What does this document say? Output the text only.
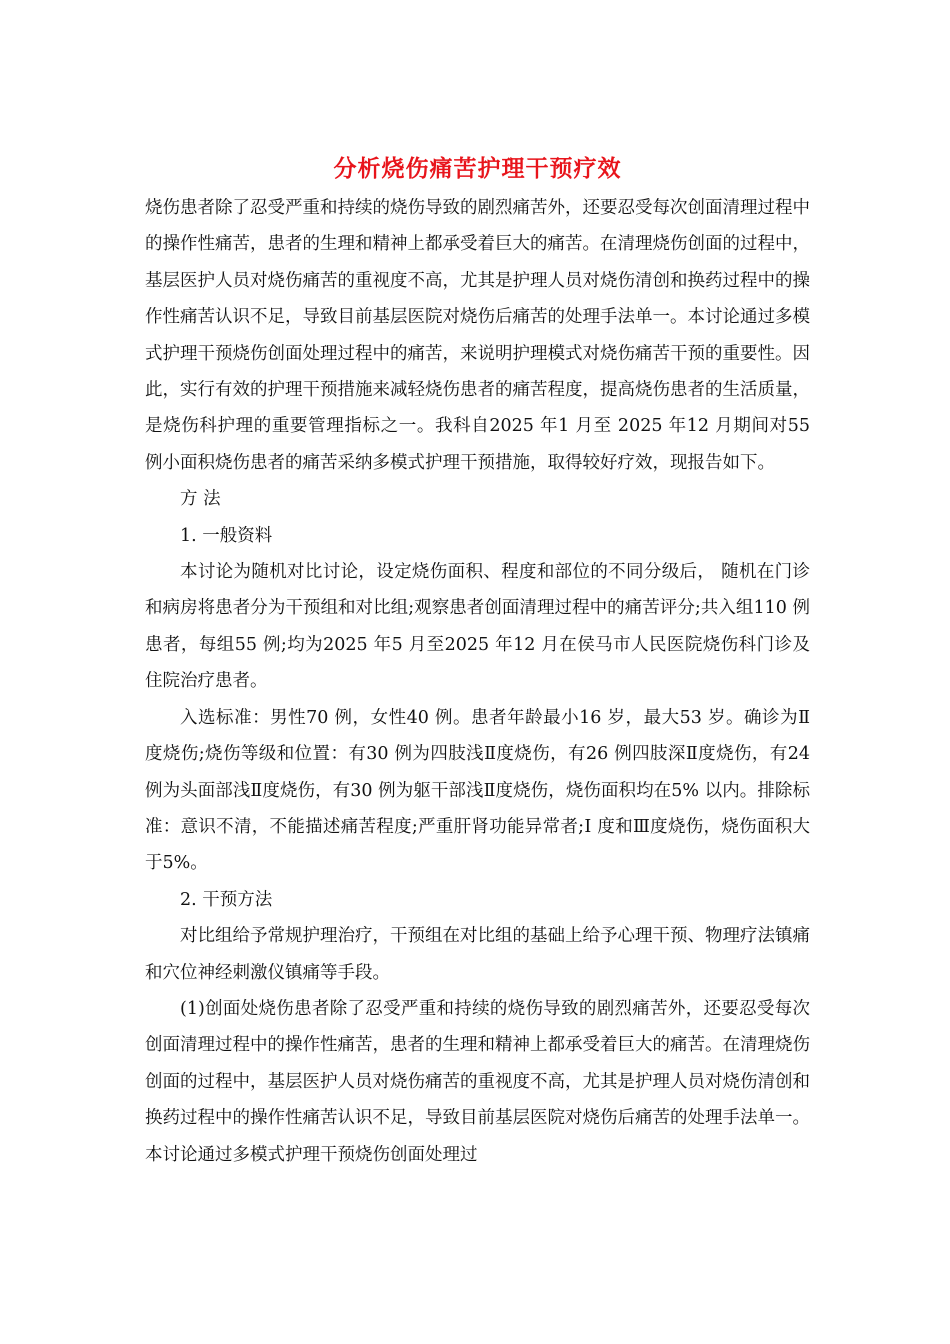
分析烧伤痛苦护理干预疗效

烧伤患者除了忍受严重和持续的烧伤导致的剧烈痛苦外，还要忍受每次创面清理过程中的操作性痛苦，患者的生理和精神上都承受着巨大的痛苦。在清理烧伤创面的过程中，基层医护人员对烧伤痛苦的重视度不高，尤其是护理人员对烧伤清创和换药过程中的操作性痛苦认识不足，导致目前基层医院对烧伤后痛苦的处理手法单一。本讨论通过多模式护理干预烧伤创面处理过程中的痛苦，来说明护理模式对烧伤痛苦干预的重要性。因此，实行有效的护理干预措施来减轻烧伤患者的痛苦程度，提高烧伤患者的生活质量，是烧伤科护理的重要管理指标之一。我科自2025 年1 月至 2025 年12 月期间对55 例小面积烧伤患者的痛苦采纳多模式护理干预措施，取得较好疗效，现报告如下。

方 法

1. 一般资料

本讨论为随机对比讨论，设定烧伤面积、程度和部位的不同分级后， 随机在门诊和病房将患者分为干预组和对比组;观察患者创面清理过程中的痛苦评分;共入组110 例患者，每组55 例;均为2025 年5 月至2025 年12 月在侯马市人民医院烧伤科门诊及住院治疗患者。

入选标准：男性70 例，女性40 例。患者年龄最小16 岁，最大53 岁。确诊为Ⅱ度烧伤;烧伤等级和位置：有30 例为四肢浅Ⅱ度烧伤，有26 例四肢深Ⅱ度烧伤，有24 例为头面部浅Ⅱ度烧伤，有30 例为躯干部浅Ⅱ度烧伤，烧伤面积均在5% 以内。排除标准：意识不清，不能描述痛苦程度;严重肝肾功能异常者;Ⅰ 度和Ⅲ度烧伤，烧伤面积大于5%。

2. 干预方法

对比组给予常规护理治疗，干预组在对比组的基础上给予心理干预、物理疗法镇痛和穴位神经刺激仪镇痛等手段。

(1)创面处烧伤患者除了忍受严重和持续的烧伤导致的剧烈痛苦外，还要忍受每次创面清理过程中的操作性痛苦，患者的生理和精神上都承受着巨大的痛苦。在清理烧伤创面的过程中，基层医护人员对烧伤痛苦的重视度不高，尤其是护理人员对烧伤清创和换药过程中的操作性痛苦认识不足，导致目前基层医院对烧伤后痛苦的处理手法单一。本讨论通过多模式护理干预烧伤创面处理过
